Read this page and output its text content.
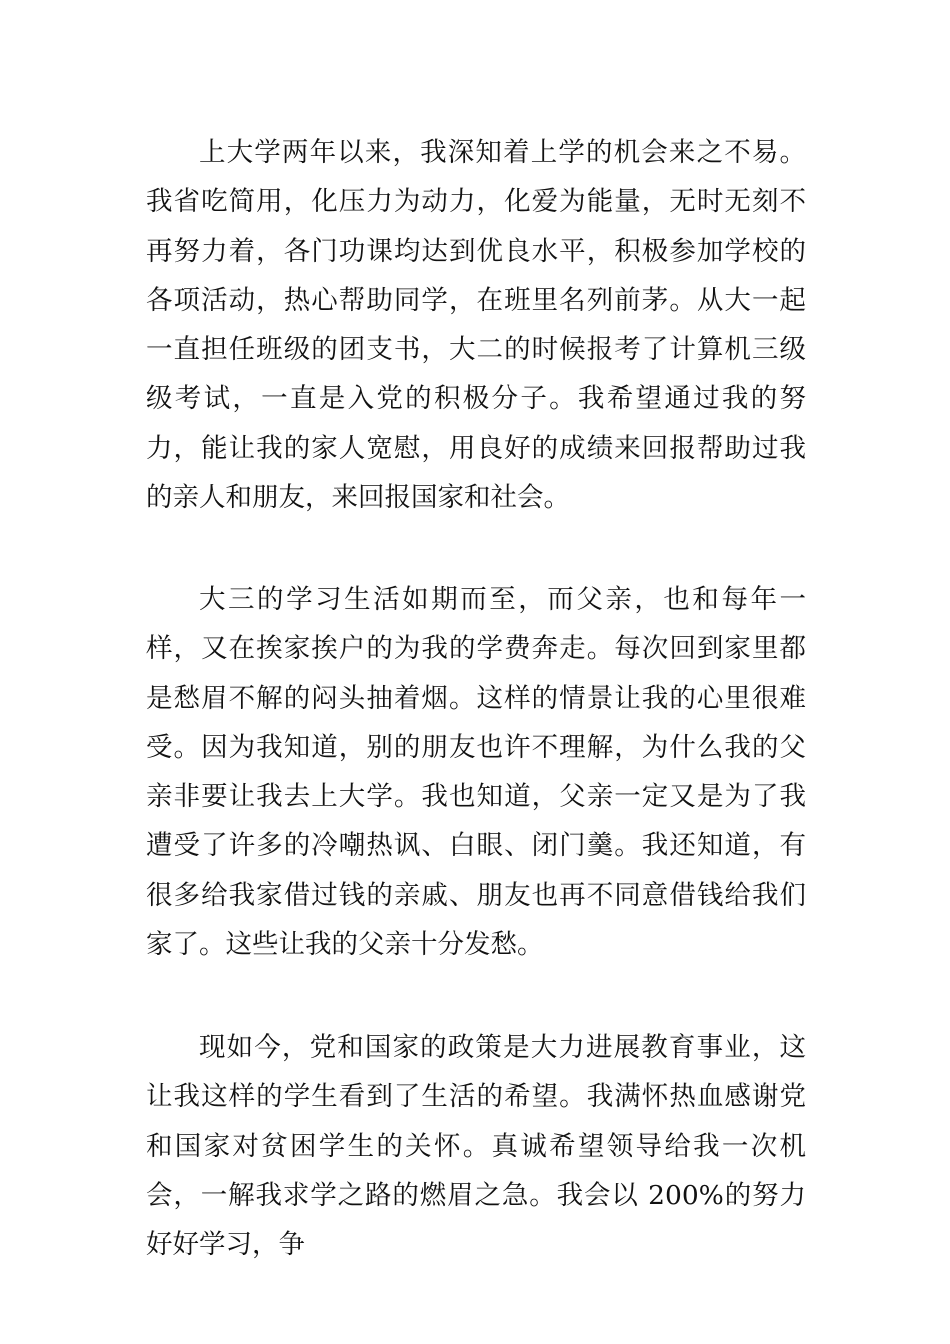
上大学两年以来，我深知着上学的机会来之不易。我省吃简用，化压力为动力，化爱为能量，无时无刻不再努力着，各门功课均达到优良水平，积极参加学校的各项活动，热心帮助同学，在班里名列前茅。从大一起一直担任班级的团支书，大二的时候报考了计算机三级级考试，一直是入党的积极分子。我希望通过我的努力，能让我的家人宽慰，用良好的成绩来回报帮助过我的亲人和朋友，来回报国家和社会。

大三的学习生活如期而至，而父亲，也和每年一样，又在挨家挨户的为我的学费奔走。每次回到家里都是愁眉不解的闷头抽着烟。这样的情景让我的心里很难受。因为我知道，别的朋友也许不理解，为什么我的父亲非要让我去上大学。我也知道，父亲一定又是为了我遭受了许多的冷嘲热讽、白眼、闭门羹。我还知道，有很多给我家借过钱的亲戚、朋友也再不同意借钱给我们家了。这些让我的父亲十分发愁。

现如今，党和国家的政策是大力进展教育事业，这让我这样的学生看到了生活的希望。我满怀热血感谢党和国家对贫困学生的关怀。真诚希望领导给我一次机会，一解我求学之路的燃眉之急。我会以 200%的努力好好学习，争
